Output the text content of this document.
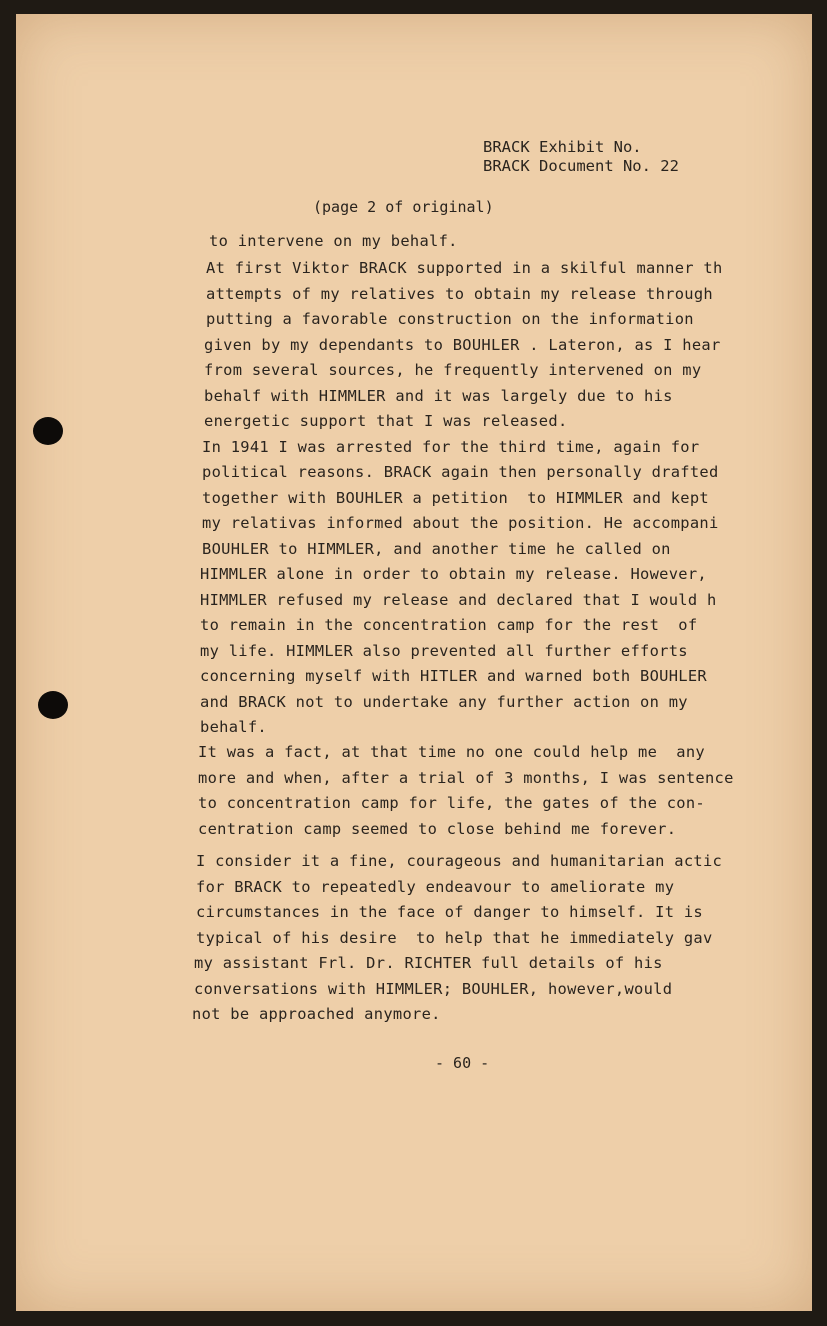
BRACK Exhibit No.
BRACK Document No. 22
(page 2 of original)
to intervene on my behalf.
At first Viktor BRACK supported in a skilful manner th
attempts of my relatives to obtain my release through
putting a favorable construction on the information
given by my dependants to BOUHLER . Lateron, as I hear
from several sources, he frequently intervened on my
behalf with HIMMLER and it was largely due to his
energetic support that I was released.
In 1941 I was arrested for the third time, again for
political reasons. BRACK again then personally drafted
together with BOUHLER a petition  to HIMMLER and kept
my relativas informed about the position. He accompani
BOUHLER to HIMMLER, and another time he called on
HIMMLER alone in order to obtain my release. However,
HIMMLER refused my release and declared that I would h
to remain in the concentration camp for the rest  of
my life. HIMMLER also prevented all further efforts
concerning myself with HITLER and warned both BOUHLER
and BRACK not to undertake any further action on my
behalf.
It was a fact, at that time no one could help me  any
more and when, after a trial of 3 months, I was sentence
to concentration camp for life, the gates of the con-
centration camp seemed to close behind me forever.
I consider it a fine, courageous and humanitarian actic
for BRACK to repeatedly endeavour to ameliorate my
circumstances in the face of danger to himself. It is
typical of his desire  to help that he immediately gav
my assistant Frl. Dr. RICHTER full details of his
conversations with HIMMLER; BOUHLER, however,would
not be approached anymore.
- 60 -
